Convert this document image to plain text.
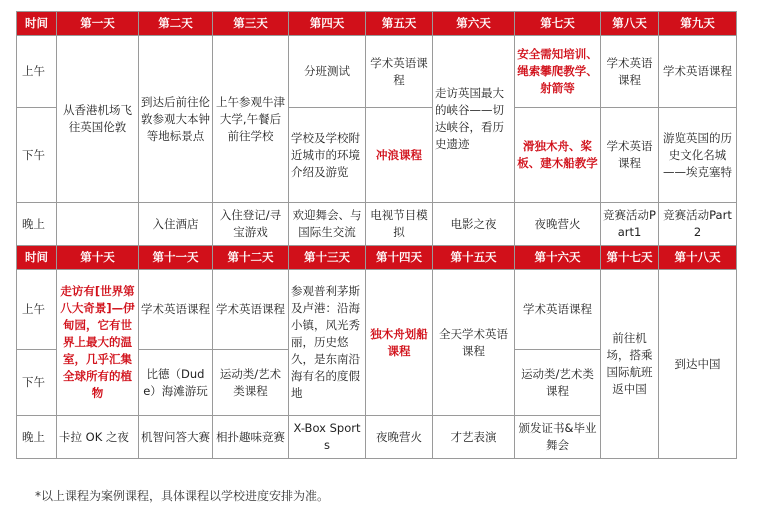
时间	第一天	第二天	第三天	第四天	第五天	第六天	第七天	第八天	第九天
上午	从香港机场飞往英国伦敦	到达后前往伦敦参观大本钟等地标景点	上午参观牛津大学,午餐后前往学校	分班测试	学术英语课程	走访英国最大的峡谷——切达峡谷，看历史遗迹	安全需知培训、绳索攀爬教学、射箭等	学术英语课程	学术英语课程
下午				学校及学校附近城市的环境介绍及游览	冲浪课程		滑独木舟、桨板、建木船教学	学术英语课程	游览英国的历史文化名城——埃克塞特
晚上		入住酒店	入住登记/寻宝游戏	欢迎舞会、与国际生交流	电视节目模拟	电影之夜	夜晚营火	竞赛活动Part1	竞赛活动Part2
时间	第十天	第十一天	第十二天	第十三天	第十四天	第十五天	第十六天	第十七天	第十八天
上午	走访有[世界第八大奇景]—伊甸园，它有世界上最大的温室，几乎汇集全球所有的植物	学术英语课程	学术英语课程	参观普利茅斯及卢港：沿海小镇，风光秀丽，历史悠久，是东南沿海有名的度假地	独木舟划船课程	全天学术英语课程	学术英语课程	前往机场，搭乘国际航班返中国	到达中国
下午		比德（Dude）海滩游玩	运动类/艺术类课程				运动类/艺术类课程		
晚上	卡拉 OK 之夜	机智问答大赛	相扑趣味竞赛	X-Box Sports	夜晚营火	才艺表演	颁发证书&毕业舞会		
*以上课程为案例课程，具体课程以学校进度安排为准。
